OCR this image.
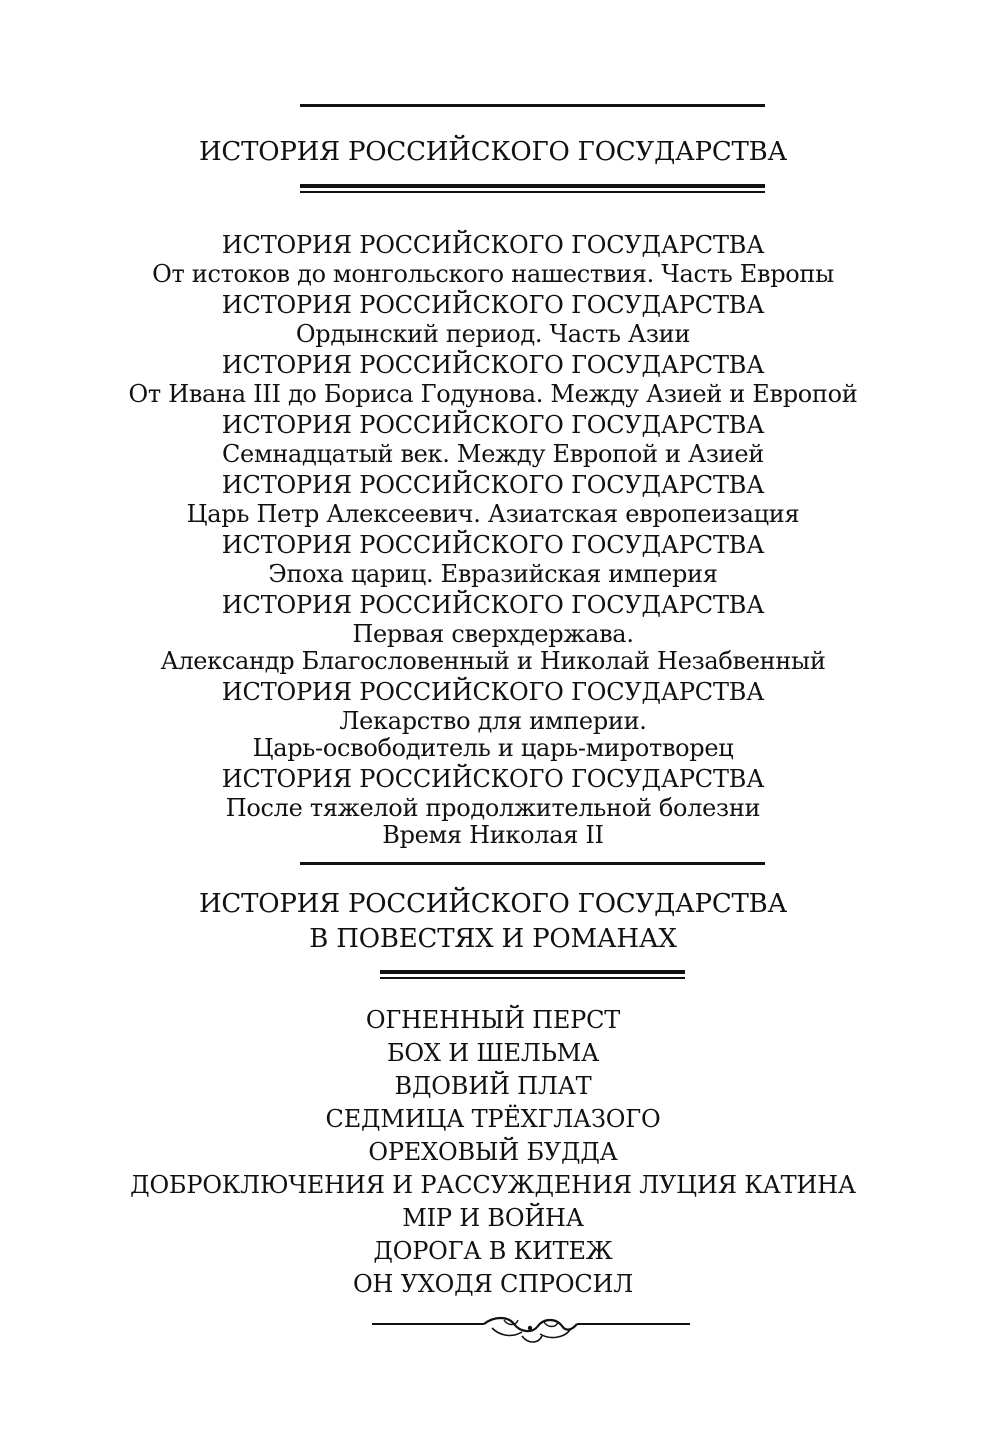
ИСТОРИЯ РОССИЙСКОГО ГОСУДАРСТВА
ИСТОРИЯ РОССИЙСКОГО ГОСУДАРСТВА
От истоков до монгольского нашествия. Часть Европы
ИСТОРИЯ РОССИЙСКОГО ГОСУДАРСТВА
Ордынский период. Часть Азии
ИСТОРИЯ РОССИЙСКОГО ГОСУДАРСТВА
От Ивана III до Бориса Годунова. Между Азией и Европой
ИСТОРИЯ РОССИЙСКОГО ГОСУДАРСТВА
Семнадцатый век. Между Европой и Азией
ИСТОРИЯ РОССИЙСКОГО ГОСУДАРСТВА
Царь Петр Алексеевич. Азиатская европеизация
ИСТОРИЯ РОССИЙСКОГО ГОСУДАРСТВА
Эпоха цариц. Евразийская империя
ИСТОРИЯ РОССИЙСКОГО ГОСУДАРСТВА
Первая сверхдержава.
Александр Благословенный и Николай Незабвенный
ИСТОРИЯ РОССИЙСКОГО ГОСУДАРСТВА
Лекарство для империи.
Царь-освободитель и царь-миротворец
ИСТОРИЯ РОССИЙСКОГО ГОСУДАРСТВА
После тяжелой продолжительной болезни
Время Николая II
ИСТОРИЯ РОССИЙСКОГО ГОСУДАРСТВА
В ПОВЕСТЯХ И РОМАНАХ
ОГНЕННЫЙ ПЕРСТ
БОХ И ШЕЛЬМА
ВДОВИЙ ПЛАТ
СЕДМИЦА ТРЁХГЛАЗОГО
ОРЕХОВЫЙ БУДДА
ДОБРОКЛЮЧЕНИЯ И РАССУЖДЕНИЯ ЛУЦИЯ КАТИНА
МIР И ВОЙНА
ДОРОГА В КИТЕЖ
ОН УХОДЯ СПРОСИЛ
